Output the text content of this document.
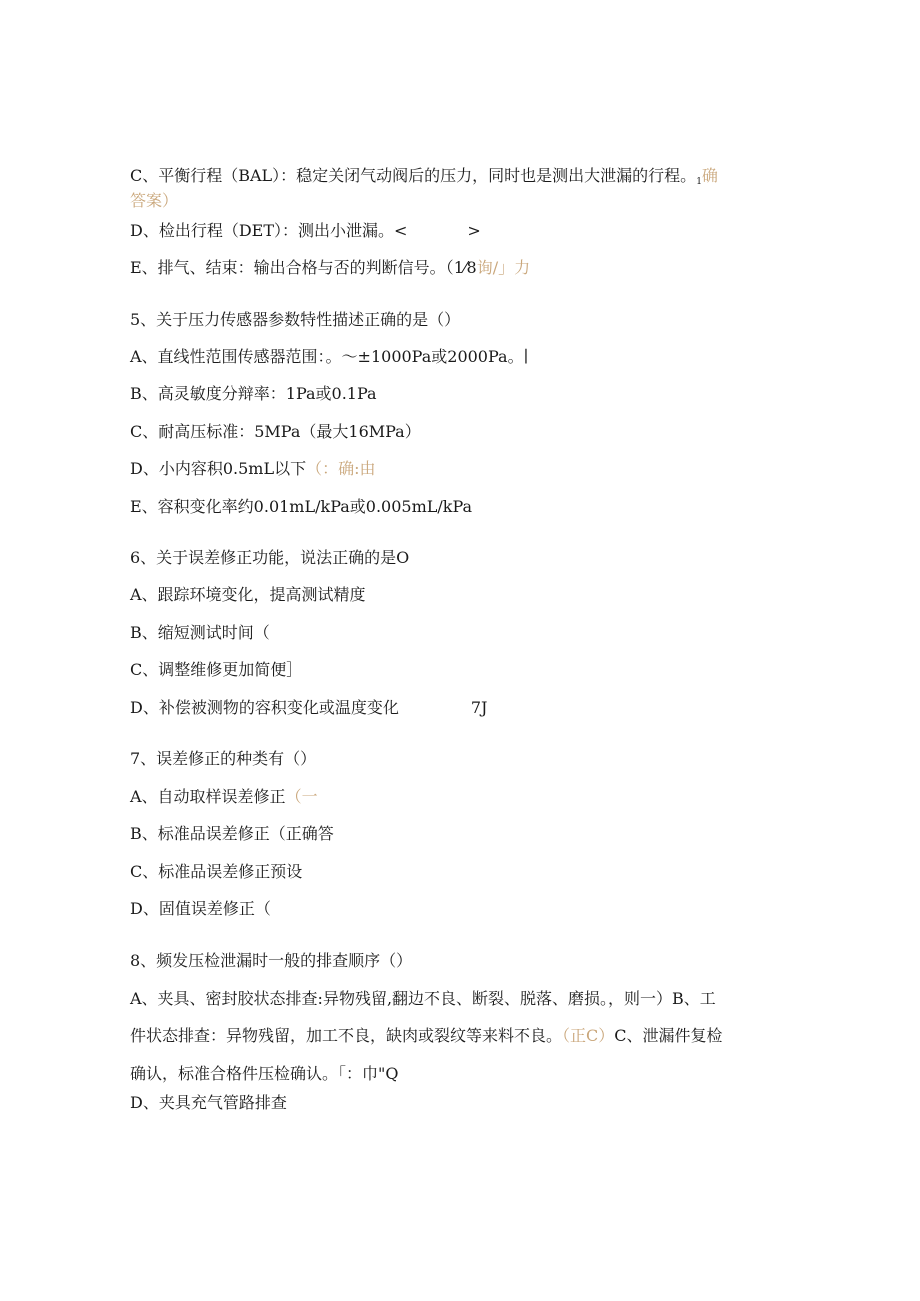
C、平衡行程（BAL）：稳定关闭气动阀后的压力，同时也是测出大泄漏的行程。1确
答案）
D、检出行程（DET）：测出小泄漏。<	>
E、排气、结束：输出合格与否的判断信号。（1⁄8询/」力
5、关于压力传感器参数特性描述正确的是（）
A、直线性范围传感器范围：。～±1000Pa或2000Pa。∣
B、高灵敏度分辩率：1Pa或0.1Pa
C、耐高压标准：5MPa（最大16MPa）
D、小内容积0.5mL以下（：确:由
E、容积变化率约0.01mL/kPa或0.005mL/kPa
6、关于误差修正功能，说法正确的是O
A、跟踪环境变化，提高测试精度
B、缩短测试时间（
C、调整维修更加简便］
D、补偿被测物的容积变化或温度变化	7J
7、误差修正的种类有（）
A、自动取样误差修正（一
B、标准品误差修正（正确答
C、标准品误差修正预设
D、固值误差修正（
8、频发压检泄漏时一般的排查顺序（）
A、夹具、密封胶状态排查:异物残留,翻边不良、断裂、脱落、磨损。，则一）B、工
件状态排查：异物残留，加工不良，缺肉或裂纹等来料不良。（正C）C、泄漏件复检
确认，标准合格件压检确认。「：巾"Q
D、夹具充气管路排查
